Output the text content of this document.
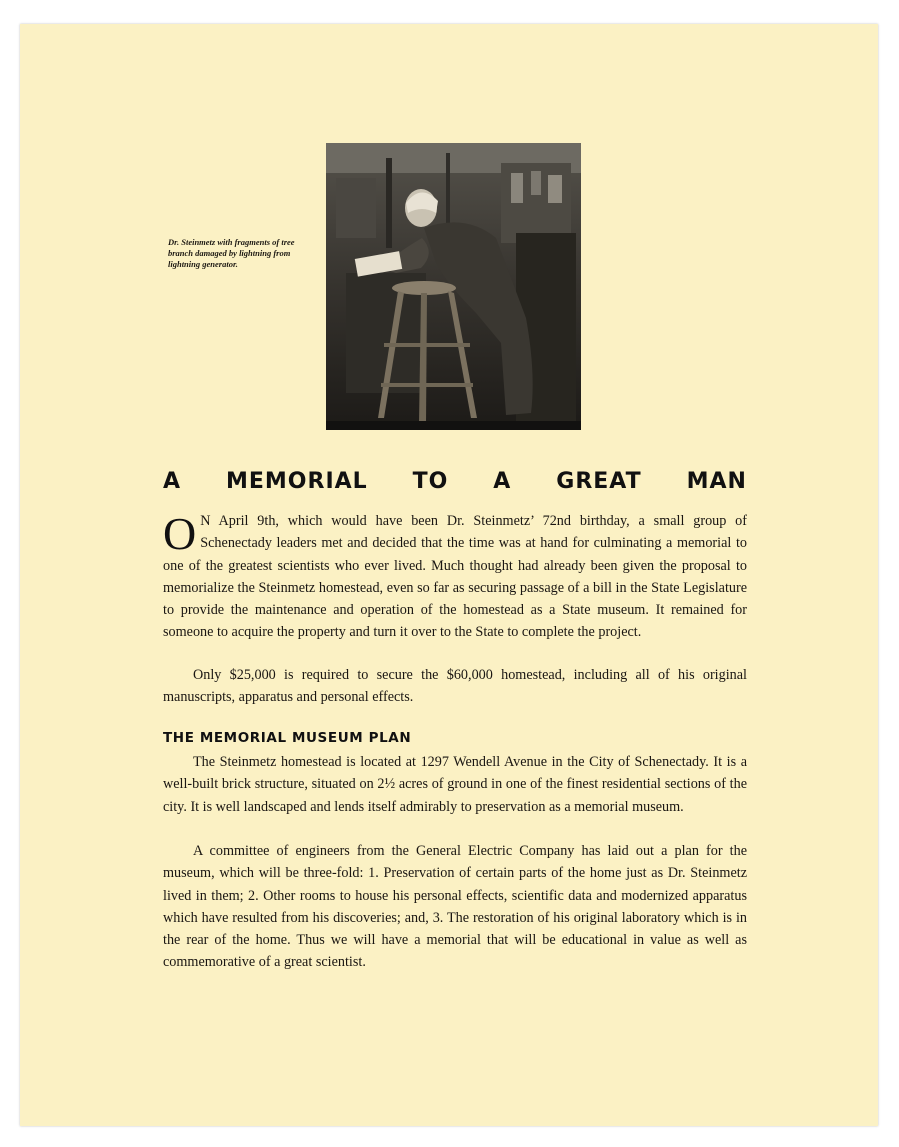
Dr. Steinmetz with fragments of tree branch damaged by lightning from lightning generator.
A MEMORIAL TO A GREAT MAN

O N April 9th, which would have been Dr. Steinmetz’ 72nd birthday, a small group of Schenectady leaders met and decided that the time was at hand for culminating a memorial to one of the greatest scientists who ever lived. Much thought had already been given the proposal to memorialize the Steinmetz homestead, even so far as securing passage of a bill in the State Legislature to provide the maintenance and operation of the homestead as a State museum. It remained for someone to acquire the property and turn it over to the State to complete the project.

Only $25,000 is required to secure the $60,000 homestead, including all of his original manuscripts, apparatus and personal effects.

THE MEMORIAL MUSEUM PLAN

The Steinmetz homestead is located at 1297 Wendell Avenue in the City of Schenectady. It is a well-built brick structure, situated on 2½ acres of ground in one of the finest residential sections of the city. It is well landscaped and lends itself admirably to preservation as a memorial museum.

A committee of engineers from the General Electric Company has laid out a plan for the museum, which will be three-fold: 1. Preservation of certain parts of the home just as Dr. Steinmetz lived in them; 2. Other rooms to house his personal effects, scientific data and modernized apparatus which have resulted from his discoveries; and, 3. The restoration of his original laboratory which is in the rear of the home. Thus we will have a memorial that will be educational in value as well as commemorative of a great scientist.
